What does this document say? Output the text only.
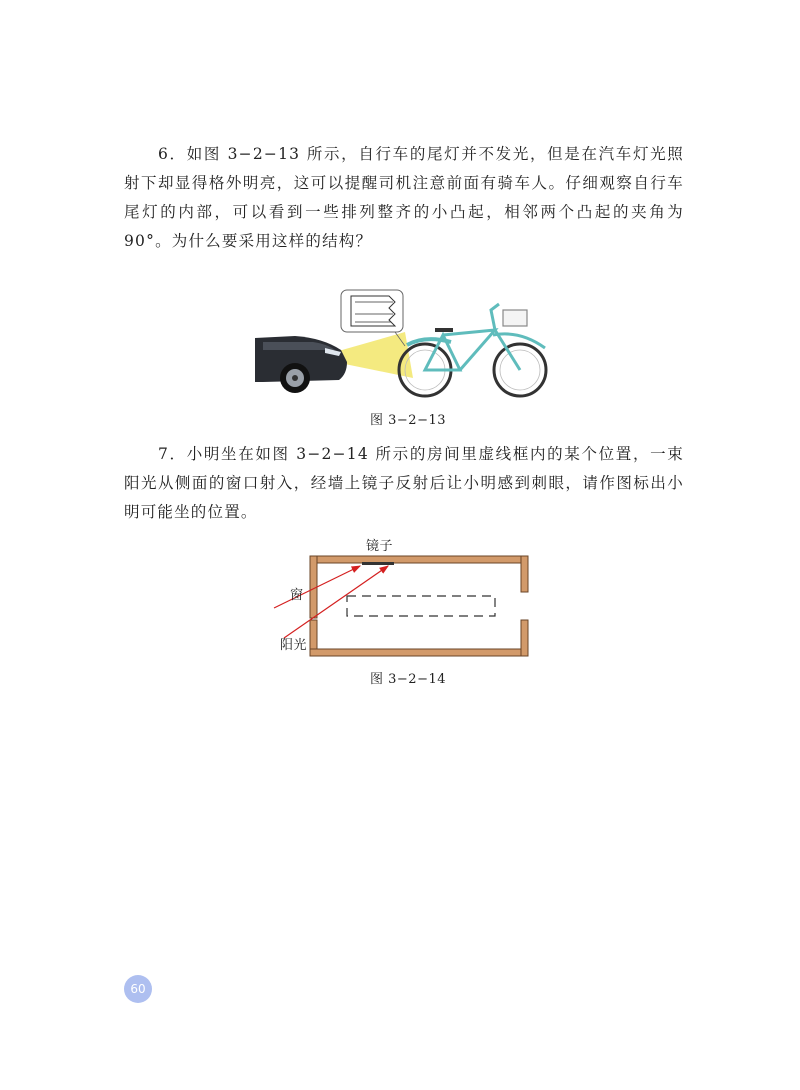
6．如图 3−2−13 所示，自行车的尾灯并不发光，但是在汽车灯光照射下却显得格外明亮，这可以提醒司机注意前面有骑车人。仔细观察自行车尾灯的内部，可以看到一些排列整齐的小凸起，相邻两个凸起的夹角为 90°。为什么要采用这样的结构？

图 3−2−13

7．小明坐在如图 3−2−14 所示的房间里虚线框内的某个位置，一束阳光从侧面的窗口射入，经墙上镜子反射后让小明感到刺眼，请作图标出小明可能坐的位置。

镜子
窗
阳光
图 3−2−14
60
